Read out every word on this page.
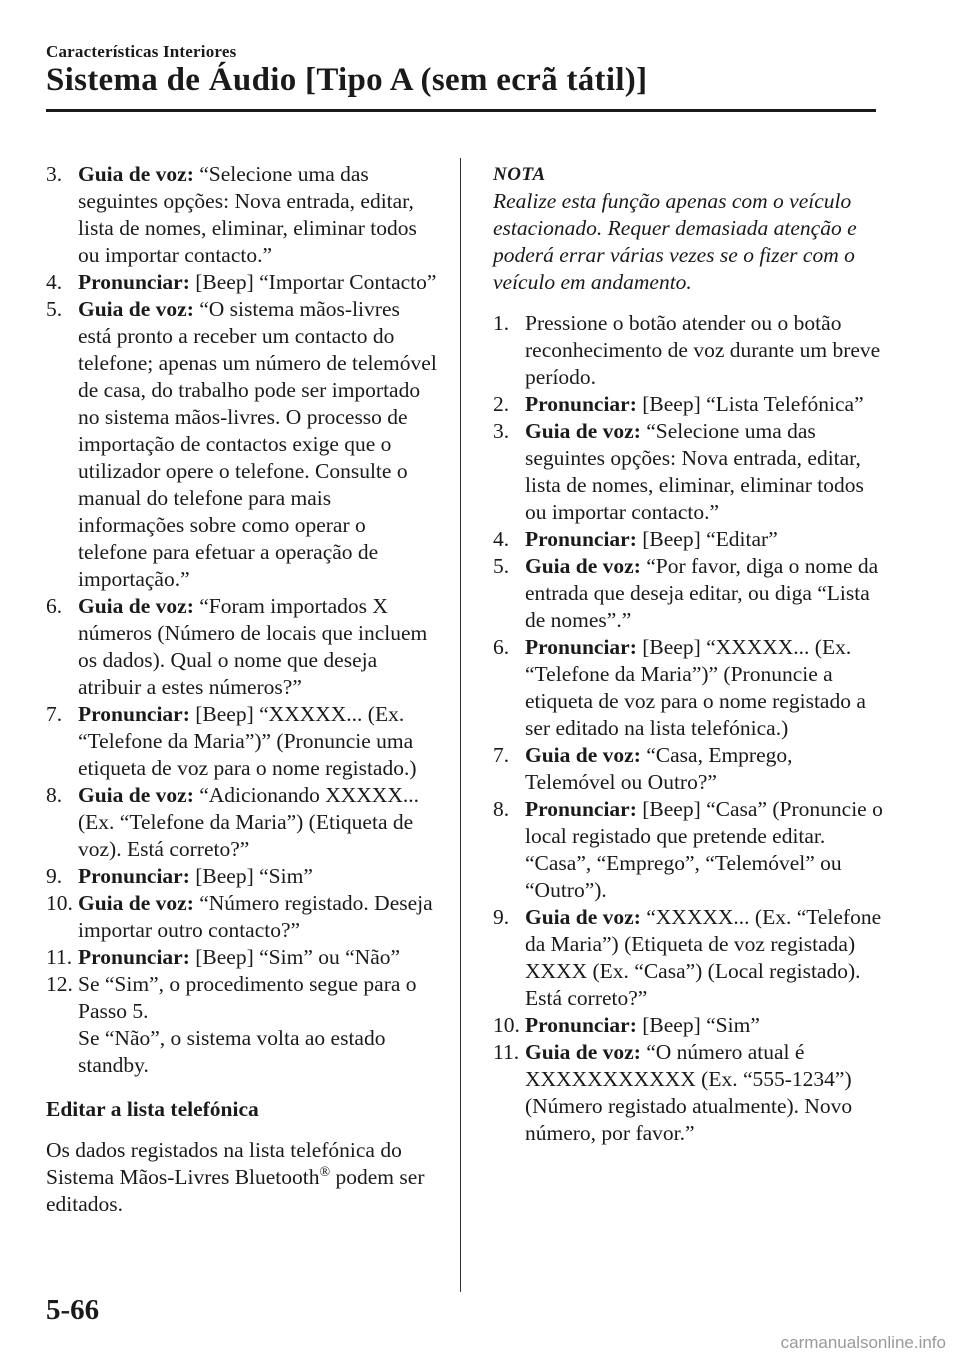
Características Interiores
Sistema de Áudio [Tipo A (sem ecrã tátil)]
3. Guia de voz: “Selecione uma das seguintes opções: Nova entrada, editar, lista de nomes, eliminar, eliminar todos ou importar contacto.”
4. Pronunciar: [Beep] “Importar Contacto”
5. Guia de voz: “O sistema mãos-livres está pronto a receber um contacto do telefone; apenas um número de telemóvel de casa, do trabalho pode ser importado no sistema mãos-livres. O processo de importação de contactos exige que o utilizador opere o telefone. Consulte o manual do telefone para mais informações sobre como operar o telefone para efetuar a operação de importação.”
6. Guia de voz: “Foram importados X números (Número de locais que incluem os dados). Qual o nome que deseja atribuir a estes números?”
7. Pronunciar: [Beep] “XXXXX... (Ex. “Telefone da Maria”)” (Pronuncie uma etiqueta de voz para o nome registado.)
8. Guia de voz: “Adicionando XXXXX... (Ex. “Telefone da Maria”) (Etiqueta de voz). Está correto?”
9. Pronunciar: [Beep] “Sim”
10. Guia de voz: “Número registado. Deseja importar outro contacto?”
11. Pronunciar: [Beep] “Sim” ou “Não”
12. Se “Sim”, o procedimento segue para o Passo 5.
Se “Não”, o sistema volta ao estado standby.
Editar a lista telefónica
Os dados registados na lista telefónica do Sistema Mãos-Livres Bluetooth® podem ser editados.
NOTA
Realize esta função apenas com o veículo estacionado. Requer demasiada atenção e poderá errar várias vezes se o fizer com o veículo em andamento.
1. Pressione o botão atender ou o botão reconhecimento de voz durante um breve período.
2. Pronunciar: [Beep] “Lista Telefónica”
3. Guia de voz: “Selecione uma das seguintes opções: Nova entrada, editar, lista de nomes, eliminar, eliminar todos ou importar contacto.”
4. Pronunciar: [Beep] “Editar”
5. Guia de voz: “Por favor, diga o nome da entrada que deseja editar, ou diga “Lista de nomes”.”
6. Pronunciar: [Beep] “XXXXX... (Ex. “Telefone da Maria”)” (Pronuncie a etiqueta de voz para o nome registado a ser editado na lista telefónica.)
7. Guia de voz: “Casa, Emprego, Telemóvel ou Outro?”
8. Pronunciar: [Beep] “Casa” (Pronuncie o local registado que pretende editar. “Casa”, “Emprego”, “Telemóvel” ou “Outro”).
9. Guia de voz: “XXXXX... (Ex. “Telefone da Maria”) (Etiqueta de voz registada) XXXX (Ex. “Casa”) (Local registado). Está correto?”
10. Pronunciar: [Beep] “Sim”
11. Guia de voz: “O número atual é XXXXXXXXXXX (Ex. “555-1234”) (Número registado atualmente). Novo número, por favor.”
5-66
carmanualsonline.info
